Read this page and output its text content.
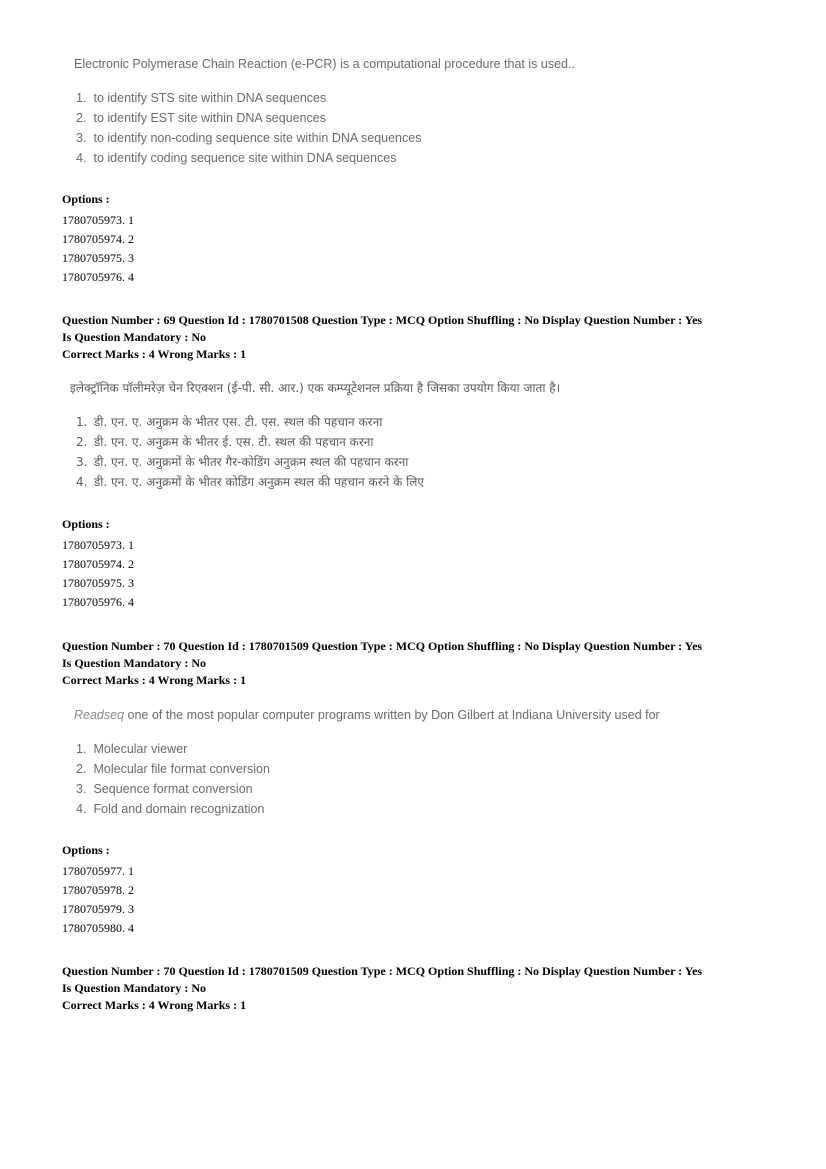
Electronic Polymerase Chain Reaction (e-PCR) is a computational procedure that is used..
1. to identify STS site within DNA sequences
2. to identify EST site within DNA sequences
3. to identify non-coding sequence site within DNA sequences
4. to identify coding sequence site within DNA sequences
Options :
1780705973. 1
1780705974. 2
1780705975. 3
1780705976. 4
Question Number : 69 Question Id : 1780701508 Question Type : MCQ Option Shuffling : No Display Question Number : Yes
Is Question Mandatory : No
Correct Marks : 4 Wrong Marks : 1
इलेक्ट्रॉनिक पॉलीमरेज़ चेन रिएक्शन (ई-पी. सी. आर.) एक कम्प्यूटेशनल प्रक्रिया है जिसका उपयोग किया जाता है।
1. डी. एन. ए. अनुक्रम के भीतर एस. टी. एस. स्थल की पहचान करना
2. डी. एन. ए. अनुक्रम के भीतर ई. एस. टी. स्थल की पहचान करना
3. डी. एन. ए. अनुक्रमों के भीतर गैर-कोडिंग अनुक्रम स्थल की पहचान करना
4. डी. एन. ए. अनुक्रमों के भीतर कोडिंग अनुक्रम स्थल की पहचान करने के लिए
Options :
1780705973. 1
1780705974. 2
1780705975. 3
1780705976. 4
Question Number : 70 Question Id : 1780701509 Question Type : MCQ Option Shuffling : No Display Question Number : Yes
Is Question Mandatory : No
Correct Marks : 4 Wrong Marks : 1
Readseq one of the most popular computer programs written by Don Gilbert at Indiana University used for
1. Molecular viewer
2. Molecular file format conversion
3. Sequence format conversion
4. Fold and domain recognization
Options :
1780705977. 1
1780705978. 2
1780705979. 3
1780705980. 4
Question Number : 70 Question Id : 1780701509 Question Type : MCQ Option Shuffling : No Display Question Number : Yes
Is Question Mandatory : No
Correct Marks : 4 Wrong Marks : 1
